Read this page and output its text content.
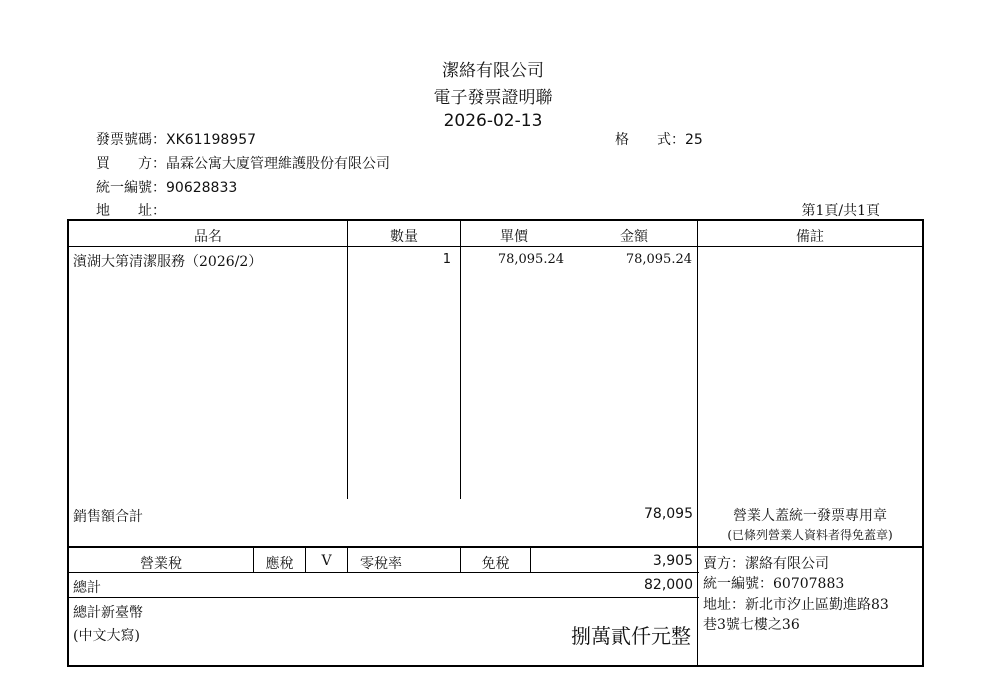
潔絡有限公司
電子發票證明聯
2026-02-13
發票號碼：XK61198957	格　　式：25
買　　方：晶霖公寓大廈管理維護股份有限公司
統一編號：90628833
地　　址：	第1頁/共1頁
品名	數量	單價	金額	備註
濱湖大第清潔服務（2026/2）	1	78,095.24	78,095.24
銷售額合計	78,095	營業人蓋統一發票專用章
(已條列營業人資料者得免蓋章)
營業稅	應稅	V	零稅率	免稅	3,905
總計	82,000
總計新臺幣
(中文大寫)	捌萬貳仟元整
賣方：潔絡有限公司
統一編號：60707883
地址：新北市汐止區勤進路83
巷3號七樓之36
